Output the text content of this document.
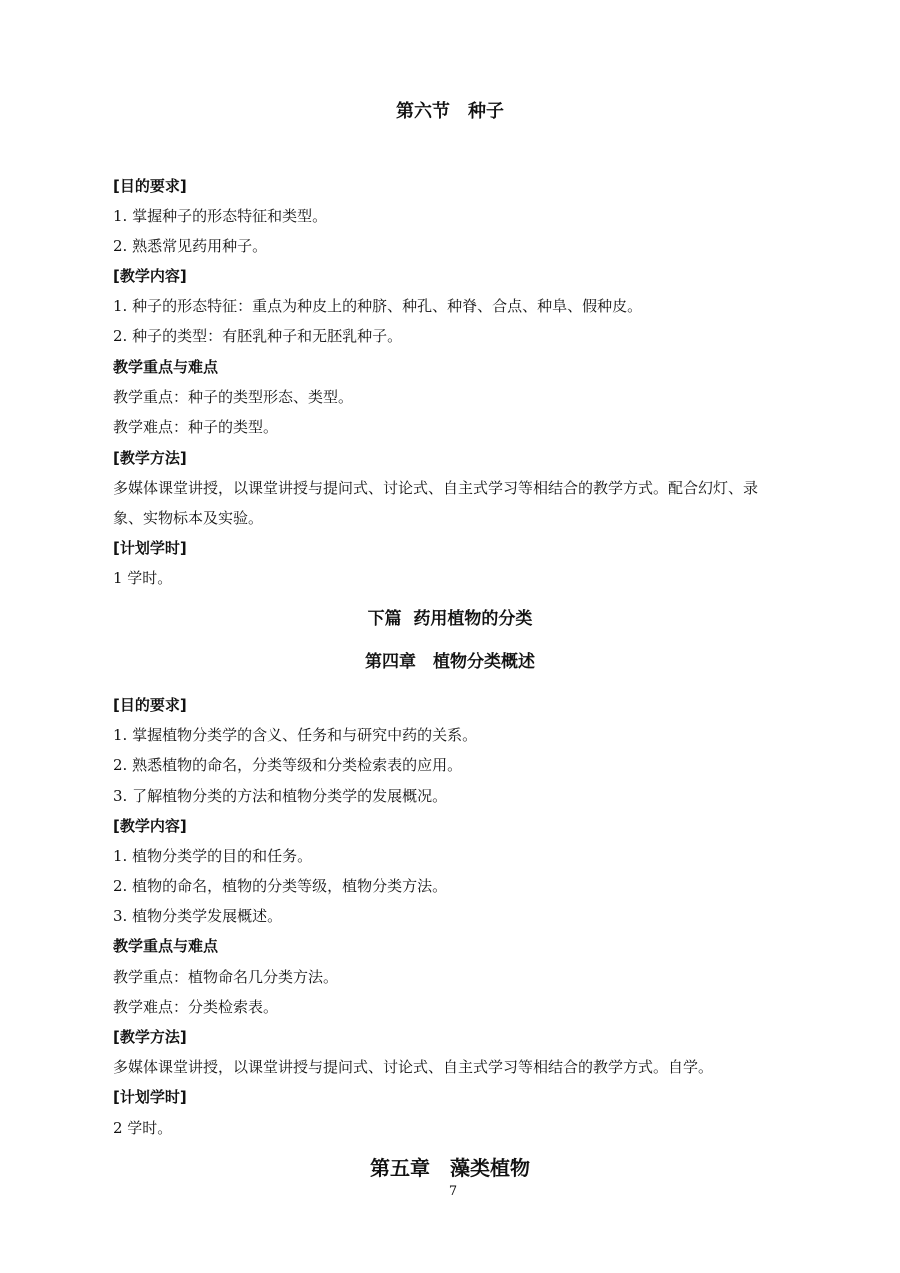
第六节　种子
[目的要求]
1. 掌握种子的形态特征和类型。
2. 熟悉常见药用种子。
[教学内容]
1. 种子的形态特征：重点为种皮上的种脐、种孔、种脊、合点、种阜、假种皮。
2. 种子的类型：有胚乳种子和无胚乳种子。
教学重点与难点
教学重点：种子的类型形态、类型。
教学难点：种子的类型。
[教学方法]
多媒体课堂讲授，以课堂讲授与提问式、讨论式、自主式学习等相结合的教学方式。配合幻灯、录
象、实物标本及实验。
[计划学时]
1 学时。
下篇  药用植物的分类
第四章　植物分类概述
[目的要求]
1. 掌握植物分类学的含义、任务和与研究中药的关系。
2. 熟悉植物的命名，分类等级和分类检索表的应用。
3. 了解植物分类的方法和植物分类学的发展概况。
[教学内容]
1. 植物分类学的目的和任务。
2. 植物的命名，植物的分类等级，植物分类方法。
3. 植物分类学发展概述。
教学重点与难点
教学重点：植物命名几分类方法。
教学难点：分类检索表。
[教学方法]
多媒体课堂讲授，以课堂讲授与提问式、讨论式、自主式学习等相结合的教学方式。自学。
[计划学时]
2 学时。
第五章　藻类植物
7
